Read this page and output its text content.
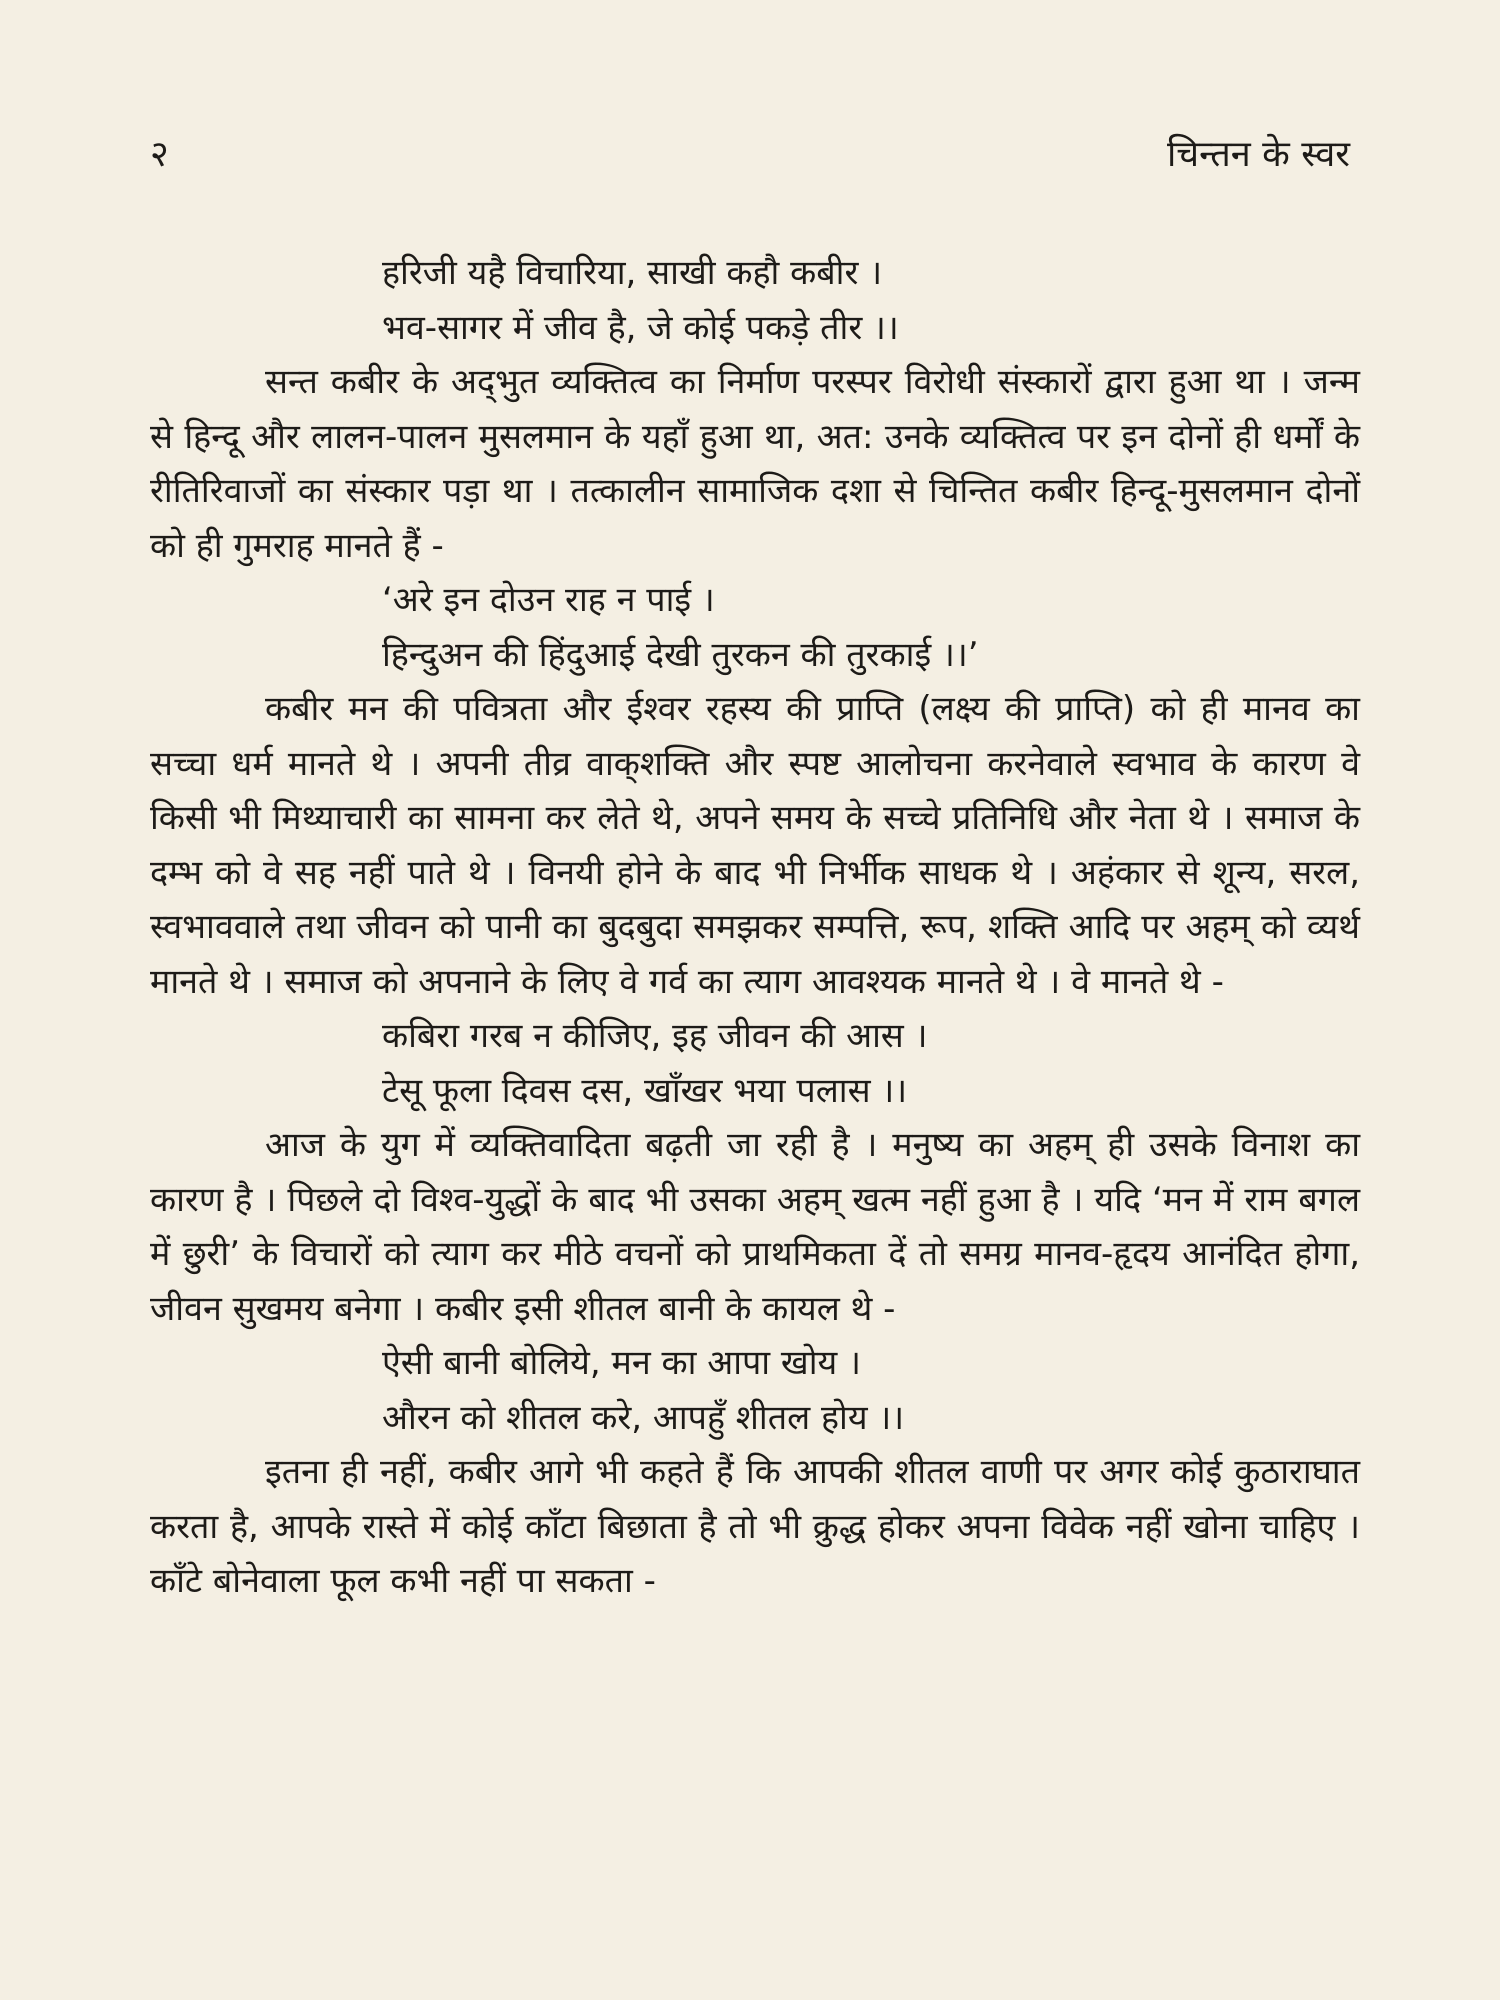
२	चिन्तन के स्वर

हरिजी यहै विचारिया, साखी कहौ कबीर ।

भव-सागर में जीव है, जे कोई पकड़े तीर ।।

सन्त कबीर के अद्‌भुत व्यक्तित्व का निर्माण परस्पर विरोधी संस्कारों द्वारा हुआ था । जन्म से हिन्दू और लालन-पालन मुसलमान के यहाँ हुआ था, अत: उनके व्यक्तित्व पर इन दोनों ही धर्मों के रीतिरिवाजों का संस्कार पड़ा था । तत्कालीन सामाजिक दशा से चिन्तित कबीर हिन्दू-मुसलमान दोनों को ही गुमराह मानते हैं -

‘अरे इन दोउन राह न पाई ।

हिन्दुअन की हिंदुआई देखी तुरकन की तुरकाई ।।’

कबीर मन की पवित्रता और ईश्वर रहस्य की प्राप्ति (लक्ष्य की प्राप्ति) को ही मानव का सच्चा धर्म मानते थे । अपनी तीव्र वाक्‌शक्ति और स्पष्ट आलोचना करनेवाले स्वभाव के कारण वे किसी भी मिथ्याचारी का सामना कर लेते थे, अपने समय के सच्चे प्रतिनिधि और नेता थे । समाज के दम्भ को वे सह नहीं पाते थे । विनयी होने के बाद भी निर्भीक साधक थे । अहंकार से शून्य, सरल, स्वभाववाले तथा जीवन को पानी का बुदबुदा समझकर सम्पत्ति, रूप, शक्ति आदि पर अहम्‌ को व्यर्थ मानते थे । समाज को अपनाने के लिए वे गर्व का त्याग आवश्यक मानते थे । वे मानते थे -

कबिरा गरब न कीजिए, इह जीवन की आस ।

टेसू फूला दिवस दस, खाँखर भया पलास ।।

आज के युग में व्यक्तिवादिता बढ़ती जा रही है । मनुष्य का अहम्‌ ही उसके विनाश का कारण है । पिछले दो विश्व-युद्धों के बाद भी उसका अहम्‌ खत्म नहीं हुआ है । यदि ‘मन में राम बगल में छुरी’ के विचारों को त्याग कर मीठे वचनों को प्राथमिकता दें तो समग्र मानव-हृदय आनंदित होगा, जीवन सुखमय बनेगा । कबीर इसी शीतल बानी के कायल थे -

ऐसी बानी बोलिये, मन का आपा खोय ।

औरन को शीतल करे, आपहुँ शीतल होय ।।

इतना ही नहीं, कबीर आगे भी कहते हैं कि आपकी शीतल वाणी पर अगर कोई कुठाराघात करता है, आपके रास्ते में कोई काँटा बिछाता है तो भी क्रुद्ध होकर अपना विवेक नहीं खोना चाहिए । काँटे बोनेवाला फूल कभी नहीं पा सकता -
